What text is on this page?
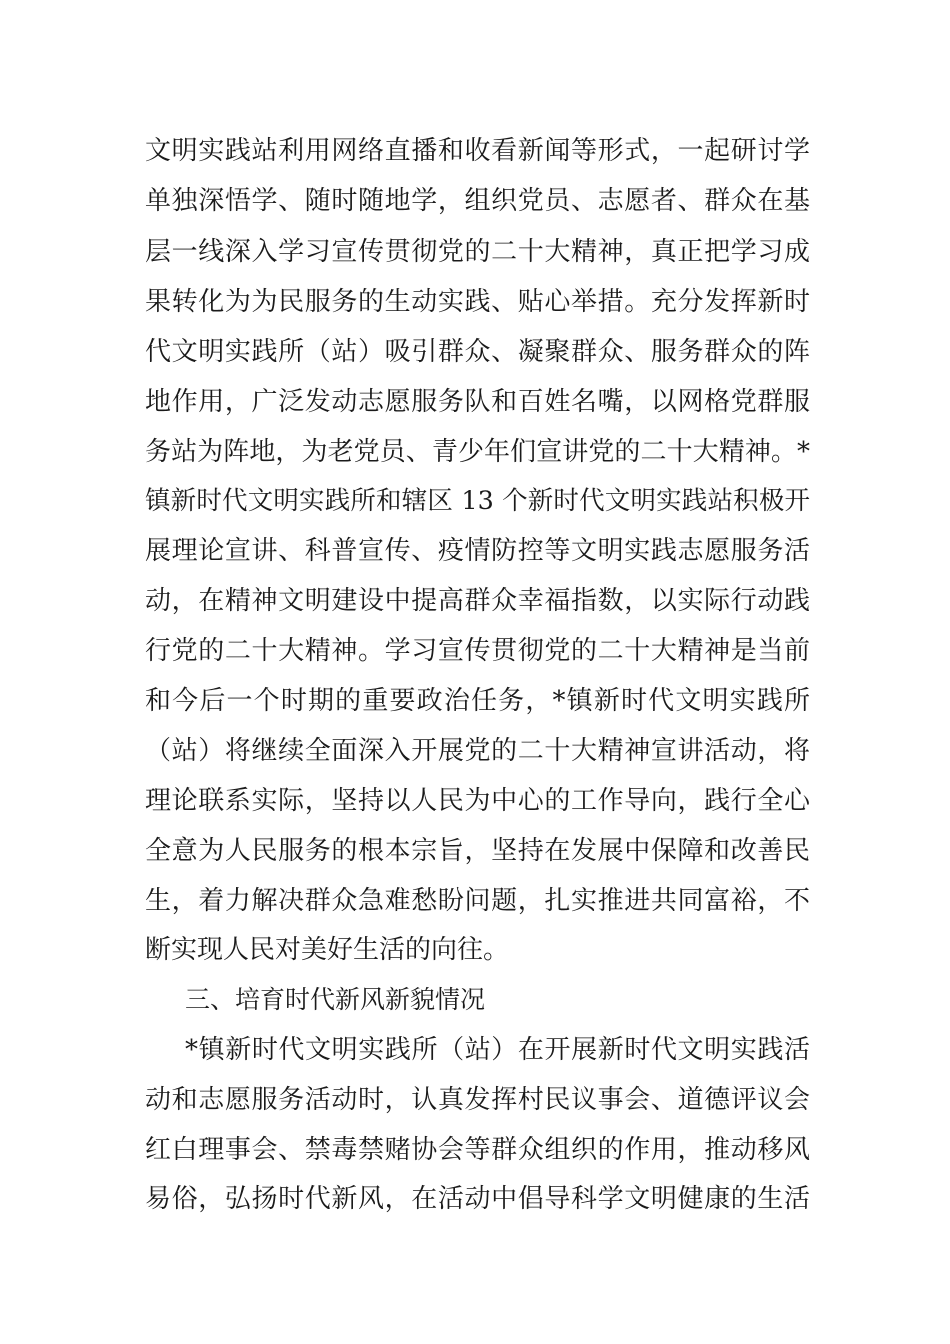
文明实践站利用网络直播和收看新闻等形式，一起研讨学
单独深悟学、随时随地学，组织党员、志愿者、群众在基
层一线深入学习宣传贯彻党的二十大精神，真正把学习成
果转化为为民服务的生动实践、贴心举措。充分发挥新时
代文明实践所（站）吸引群众、凝聚群众、服务群众的阵
地作用，广泛发动志愿服务队和百姓名嘴，以网格党群服
务站为阵地，为老党员、青少年们宣讲党的二十大精神。*
镇新时代文明实践所和辖区 13 个新时代文明实践站积极开
展理论宣讲、科普宣传、疫情防控等文明实践志愿服务活
动，在精神文明建设中提高群众幸福指数，以实际行动践
行党的二十大精神。学习宣传贯彻党的二十大精神是当前
和今后一个时期的重要政治任务，*镇新时代文明实践所
（站）将继续全面深入开展党的二十大精神宣讲活动，将
理论联系实际，坚持以人民为中心的工作导向，践行全心
全意为人民服务的根本宗旨，坚持在发展中保障和改善民
生，着力解决群众急难愁盼问题，扎实推进共同富裕，不
断实现人民对美好生活的向往。
三、培育时代新风新貌情况
*镇新时代文明实践所（站）在开展新时代文明实践活
动和志愿服务活动时，认真发挥村民议事会、道德评议会
红白理事会、禁毒禁赌协会等群众组织的作用，推动移风
易俗，弘扬时代新风，在活动中倡导科学文明健康的生活
